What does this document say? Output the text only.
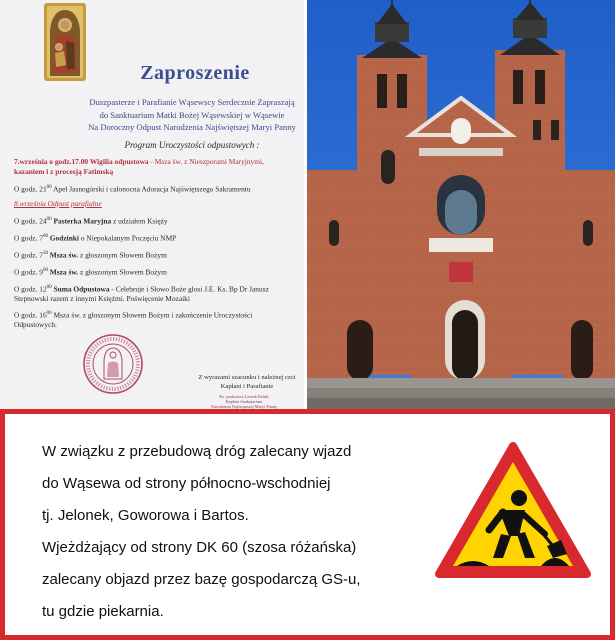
Zaproszenie
Duszpasterze i Parafianie Wąsewscy Serdecznie Zapraszają
do Sanktuarium Matki Bożej Wąsewskiej w Wąsewie
Na Doroczny Odpust Narodzenia Najświętszej Maryi Panny
Program Uroczystości odpustowych :
7.września o godz.17.00 Wigilia odpustowa - Msza św. z Nieszporami Maryjnymi,
kazaniem i z procesją Fatimską
O godz. $21^{00}$ Apel Jasnogórski i całonocna Adoracja Najświętszego Sakramentu
8.września Odpust parafialne
O godz. $24^{00}$ Pasterka Maryjna z udziałem Księży
O godz. $7^{00}$ Godzinki o Niepokalanym Poczęciu NMP
O godz. $7^{30}$ Msza św. z głoszonym Słowem Bożym
O godz. $9^{00}$ Msza św. z głoszonym Słowem Bożym
O godz. $12^{00}$ Suma Odpustowa - Celebruje i Słowo Boże głosi J.E. Ks. Bp Dr Janusz
Stepnowski razem z innymi Księżmi. Poświęcenie Mozaiki
O godz. $16^{00}$ Msza św. z głoszonym Słowem Bożym i zakończenie Uroczystości
Odpustowych.
Z wyrazami szacunku i należnej czci
Kapłani i Parafianie
Ks. proboszcz Leszek Kołak
Kapłani Sanktuarium
Narodzenia Najświętszej Maryi Panny
W związku z przebudową dróg zalecany wjazd
do Wąsewa od strony północno-wschodniej
tj. Jelonek, Goworowa i Bartos.
Wjeżdżający od strony DK 60 (szosa różańska)
zalecany objazd przez bazę gospodarczą GS-u,
tu gdzie piekarnia.
